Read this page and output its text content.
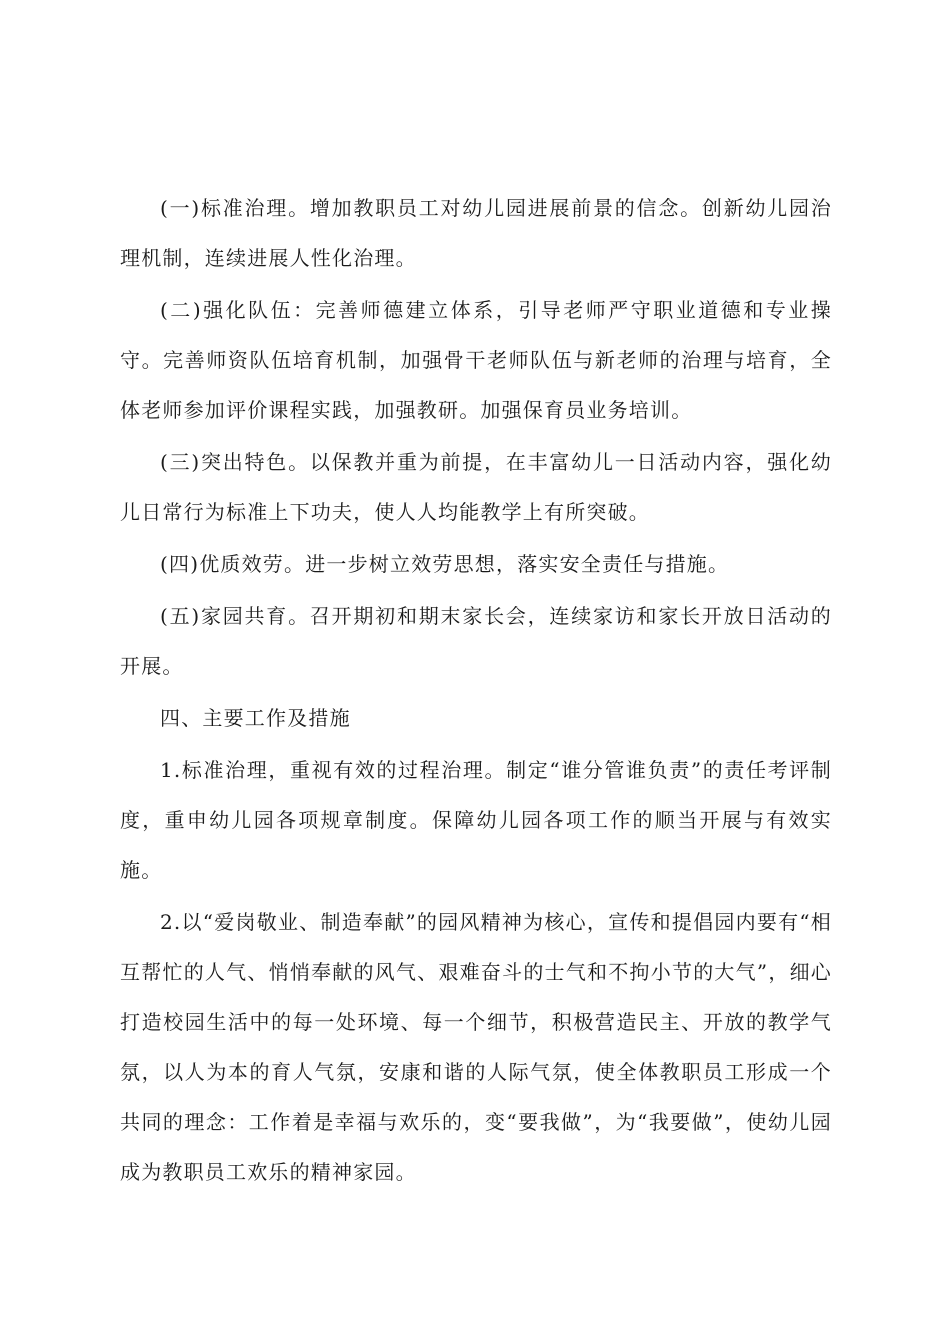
(一)标准治理。增加教职员工对幼儿园进展前景的信念。创新幼儿园治理机制，连续进展人性化治理。

(二)强化队伍：完善师德建立体系，引导老师严守职业道德和专业操守。完善师资队伍培育机制，加强骨干老师队伍与新老师的治理与培育，全体老师参加评价课程实践，加强教研。加强保育员业务培训。

(三)突出特色。以保教并重为前提，在丰富幼儿一日活动内容，强化幼儿日常行为标准上下功夫，使人人均能教学上有所突破。

(四)优质效劳。进一步树立效劳思想，落实安全责任与措施。

(五)家园共育。召开期初和期末家长会，连续家访和家长开放日活动的开展。

四、主要工作及措施

1.标准治理，重视有效的过程治理。制定“谁分管谁负责”的责任考评制度，重申幼儿园各项规章制度。保障幼儿园各项工作的顺当开展与有效实施。

2.以“爱岗敬业、制造奉献”的园风精神为核心，宣传和提倡园内要有“相互帮忙的人气、悄悄奉献的风气、艰难奋斗的士气和不拘小节的大气”，细心打造校园生活中的每一处环境、每一个细节，积极营造民主、开放的教学气氛，以人为本的育人气氛，安康和谐的人际气氛，使全体教职员工形成一个共同的理念：工作着是幸福与欢乐的，变“要我做”，为“我要做”，使幼儿园成为教职员工欢乐的精神家园。
